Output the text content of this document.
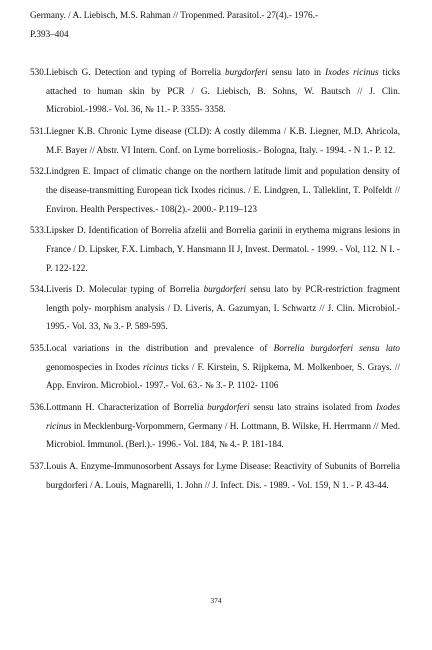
Germany. / A. Liebisch, M.S. Rahman // Tropenmed. Parasitol.- 27(4).- 1976.-
P.393–404
530. Liebisch G. Detection and typing of Borrelia burgdorferi sensu lato in Ixodes ricinus ticks attached to human skin by PCR / G. Liebisch, B. Sohns, W. Bautsch // J. Clin. Microbiol.-1998.- Vol. 36, № 11.- P. 3355- 3358.
531. Liegner K.B. Chronic Lyme disease (CLD): A costly dilemma / K.B. Liegner, M.D. Ahricola, M.F. Bayer // Abstr. VI Intern. Conf. on Lyme borreliosis.- Bologna, Italy. - 1994. - N 1.- P. 12.
532. Lindgren E. Impact of climatic change on the northern latitude limit and population density of the disease-transmitting European tick Ixodes ricinus. / E. Lindgren, L. Talleklint, T. Polfeldt // Environ. Health Perspectives.- 108(2).- 2000.- P.119–123
533. Lipsker D. Identification of Borrelia afzelii and Borrelia garinii in erythema migrans lesions in France / D. Lipsker, F.X. Limbach, Y. Hansmann II J, Invest. Dermatol. - 1999. - Vol, 112. N I. - P. 122-122.
534. Liveris D. Molecular typing of Borrelia burgdorferi sensu lato by PCR-restriction fragment length poly- morphism analysis / D. Liveris, A. Gazumyan, I. Schwartz // J. Clin. Microbiol.- 1995.- Vol. 33, № 3.- P. 589-595.
535. Local variations in the distribution and prevalence of Borrelia burgdorferi sensu lato genomospecies in Ixodes ricinus ticks / F. Kirstein, S. Rijpkema, M. Molkenboer, S. Grays. // App. Environ. Microbiol.- 1997.- Vol. 63.- № 3.- P. 1102- 1106
536. Lottmann H. Characterization of Borrelia burgdorferi sensu lato strains isolated from Ixodes ricinus in Mecklenburg-Vorpommern, Germany / H. Lottmann, B. Wilske, H. Herrmann // Med. Microbiol. Immunol. (Berl.).- 1996.- Vol. 184, № 4.- P. 181-184.
537. Louis A. Enzyme-Immunosorbent Assays for Lyme Disease: Reactivity of Subunits of Borrelia burgdorferi / A. Louis, Magnarelli, 1. John // J. Infect. Dis. - 1989. - Vol. 159, N 1. - P. 43-44.
374
